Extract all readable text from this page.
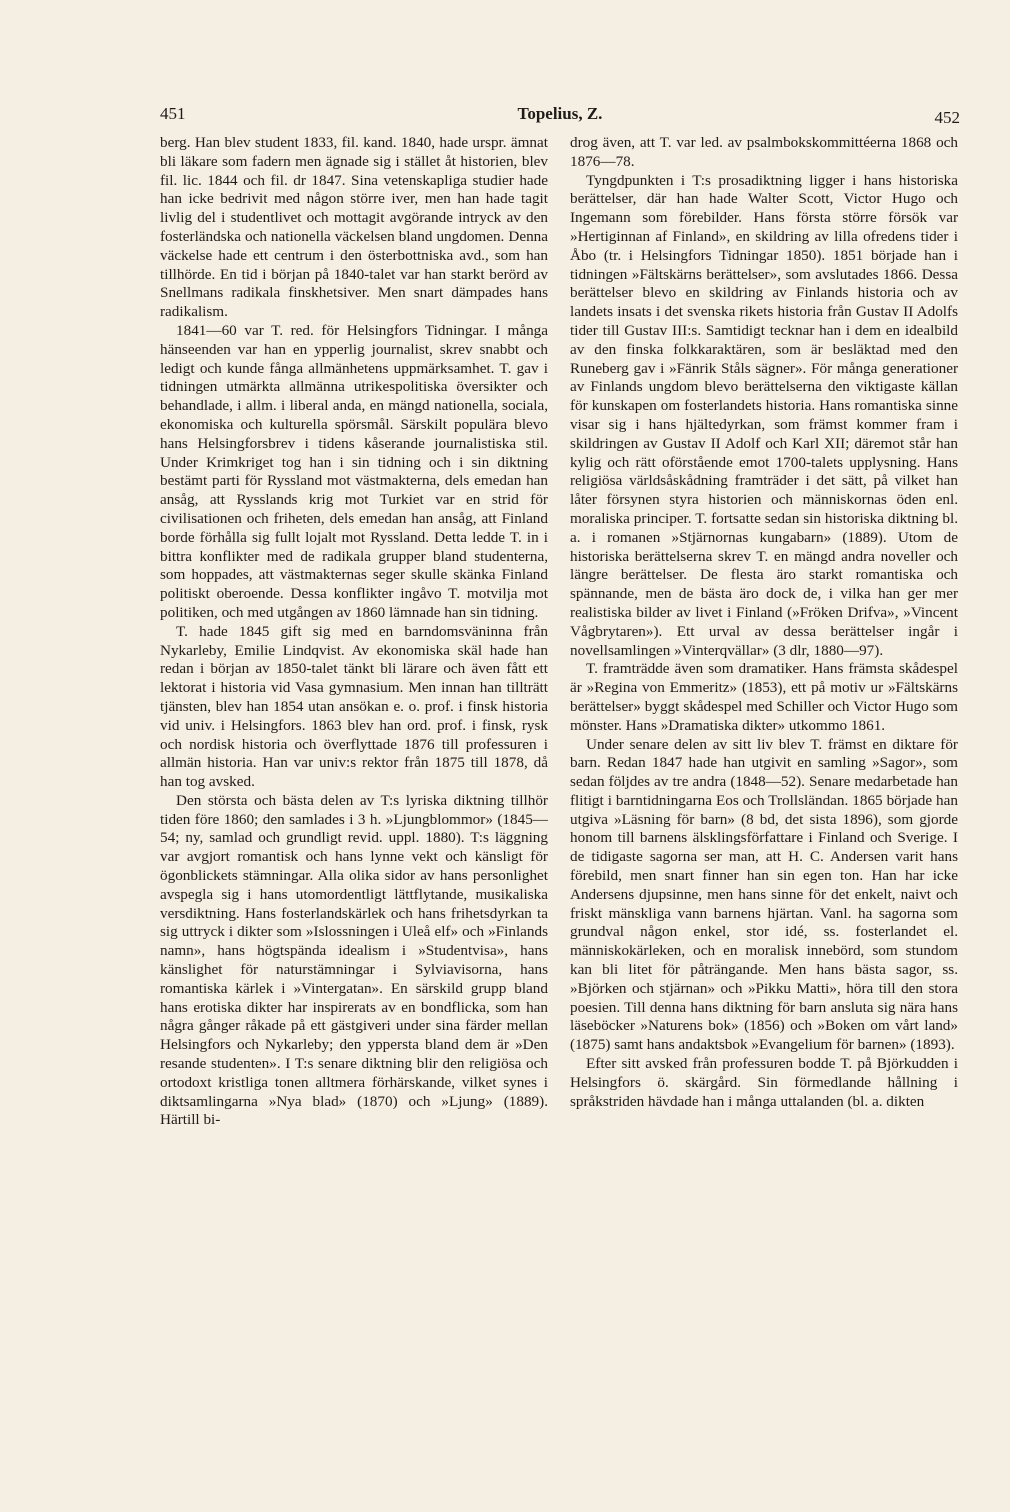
451	Topelius, Z.	452

berg. Han blev student 1833, fil. kand. 1840, hade urspr. ämnat bli läkare som fadern men ägnade sig i stället åt historien, blev fil. lic. 1844 och fil. dr 1847. Sina vetenskapliga studier hade han icke bedrivit med någon större iver, men han hade tagit livlig del i studentlivet och mottagit avgörande intryck av den fosterländska och nationella väckelsen bland ungdomen. Denna väckelse hade ett centrum i den österbottniska avd., som han tillhörde. En tid i början på 1840-talet var han starkt berörd av Snellmans radikala finskhetsiver. Men snart dämpades hans radikalism.

1841—60 var T. red. för Helsingfors Tidningar. I många hänseenden var han en ypperlig journalist, skrev snabbt och ledigt och kunde fånga allmänhetens uppmärksamhet. T. gav i tidningen utmärkta allmänna utrikespolitiska översikter och behandlade, i allm. i liberal anda, en mängd nationella, sociala, ekonomiska och kulturella spörsmål. Särskilt populära blevo hans Helsingforsbrev i tidens kåserande journalistiska stil. Under Krimkriget tog han i sin tidning och i sin diktning bestämt parti för Ryssland mot västmakterna, dels emedan han ansåg, att Rysslands krig mot Turkiet var en strid för civilisationen och friheten, dels emedan han ansåg, att Finland borde förhålla sig fullt lojalt mot Ryssland. Detta ledde T. in i bittra konflikter med de radikala grupper bland studenterna, som hoppades, att västmakternas seger skulle skänka Finland politiskt oberoende. Dessa konflikter ingåvo T. motvilja mot politiken, och med utgången av 1860 lämnade han sin tidning.

T. hade 1845 gift sig med en barndomsväninna från Nykarleby, Emilie Lindqvist. Av ekonomiska skäl hade han redan i början av 1850-talet tänkt bli lärare och även fått ett lektorat i historia vid Vasa gymnasium. Men innan han tillträtt tjänsten, blev han 1854 utan ansökan e. o. prof. i finsk historia vid univ. i Helsingfors. 1863 blev han ord. prof. i finsk, rysk och nordisk historia och överflyttade 1876 till professuren i allmän historia. Han var univ:s rektor från 1875 till 1878, då han tog avsked.

Den största och bästa delen av T:s lyriska diktning tillhör tiden före 1860; den samlades i 3 h. »Ljungblommor» (1845—54; ny, samlad och grundligt revid. uppl. 1880). T:s läggning var avgjort romantisk och hans lynne vekt och känsligt för ögonblickets stämningar. Alla olika sidor av hans personlighet avspegla sig i hans utomordentligt lättflytande, musikaliska versdiktning. Hans fosterlandskärlek och hans frihetsdyrkan ta sig uttryck i dikter som »Islossningen i Uleå elf» och »Finlands namn», hans högtspända idealism i »Studentvisa», hans känslighet för naturstämningar i Sylviavisorna, hans romantiska kärlek i »Vintergatan». En särskild grupp bland hans erotiska dikter har inspirerats av en bondflicka, som han några gånger råkade på ett gästgiveri under sina färder mellan Helsingfors och Nykarleby; den yppersta bland dem är »Den resande studenten». I T:s senare diktning blir den religiösa och ortodoxt kristliga tonen alltmera förhärskande, vilket synes i diktsamlingarna »Nya blad» (1870) och »Ljung» (1889). Härtill bi-

drog även, att T. var led. av psalmbokskommittéerna 1868 och 1876—78.

Tyngdpunkten i T:s prosadiktning ligger i hans historiska berättelser, där han hade Walter Scott, Victor Hugo och Ingemann som förebilder. Hans första större försök var »Hertiginnan af Finland», en skildring av lilla ofredens tider i Åbo (tr. i Helsingfors Tidningar 1850). 1851 började han i tidningen »Fältskärns berättelser», som avslutades 1866. Dessa berättelser blevo en skildring av Finlands historia och av landets insats i det svenska rikets historia från Gustav II Adolfs tider till Gustav III:s. Samtidigt tecknar han i dem en idealbild av den finska folkkaraktären, som är besläktad med den Runeberg gav i »Fänrik Ståls sägner». För många generationer av Finlands ungdom blevo berättelserna den viktigaste källan för kunskapen om fosterlandets historia. Hans romantiska sinne visar sig i hans hjältedyrkan, som främst kommer fram i skildringen av Gustav II Adolf och Karl XII; däremot står han kylig och rätt oförstående emot 1700-talets upplysning. Hans religiösa världsåskådning framträder i det sätt, på vilket han låter försynen styra historien och människornas öden enl. moraliska principer. T. fortsatte sedan sin historiska diktning bl. a. i romanen »Stjärnornas kungabarn» (1889). Utom de historiska berättelserna skrev T. en mängd andra noveller och längre berättelser. De flesta äro starkt romantiska och spännande, men de bästa äro dock de, i vilka han ger mer realistiska bilder av livet i Finland (»Fröken Drifva», »Vincent Vågbrytaren»). Ett urval av dessa berättelser ingår i novellsamlingen »Vinterqvällar» (3 dlr, 1880—97).

T. framträdde även som dramatiker. Hans främsta skådespel är »Regina von Emmeritz» (1853), ett på motiv ur »Fältskärns berättelser» byggt skådespel med Schiller och Victor Hugo som mönster. Hans »Dramatiska dikter» utkommo 1861.

Under senare delen av sitt liv blev T. främst en diktare för barn. Redan 1847 hade han utgivit en samling »Sagor», som sedan följdes av tre andra (1848—52). Senare medarbetade han flitigt i barntidningarna Eos och Trollsländan. 1865 började han utgiva »Läsning för barn» (8 bd, det sista 1896), som gjorde honom till barnens älsklingsförfattare i Finland och Sverige. I de tidigaste sagorna ser man, att H. C. Andersen varit hans förebild, men snart finner han sin egen ton. Han har icke Andersens djupsinne, men hans sinne för det enkelt, naivt och friskt mänskliga vann barnens hjärtan. Vanl. ha sagorna som grundval någon enkel, stor idé, ss. fosterlandet el. människokärleken, och en moralisk innebörd, som stundom kan bli litet för påträngande. Men hans bästa sagor, ss. »Björken och stjärnan» och »Pikku Matti», höra till den stora poesien. Till denna hans diktning för barn ansluta sig nära hans läseböcker »Naturens bok» (1856) och »Boken om vårt land» (1875) samt hans andaktsbok »Evangelium för barnen» (1893).

Efter sitt avsked från professuren bodde T. på Björkudden i Helsingfors ö. skärgård. Sin förmedlande hållning i språkstriden hävdade han i många uttalanden (bl. a. dikten
